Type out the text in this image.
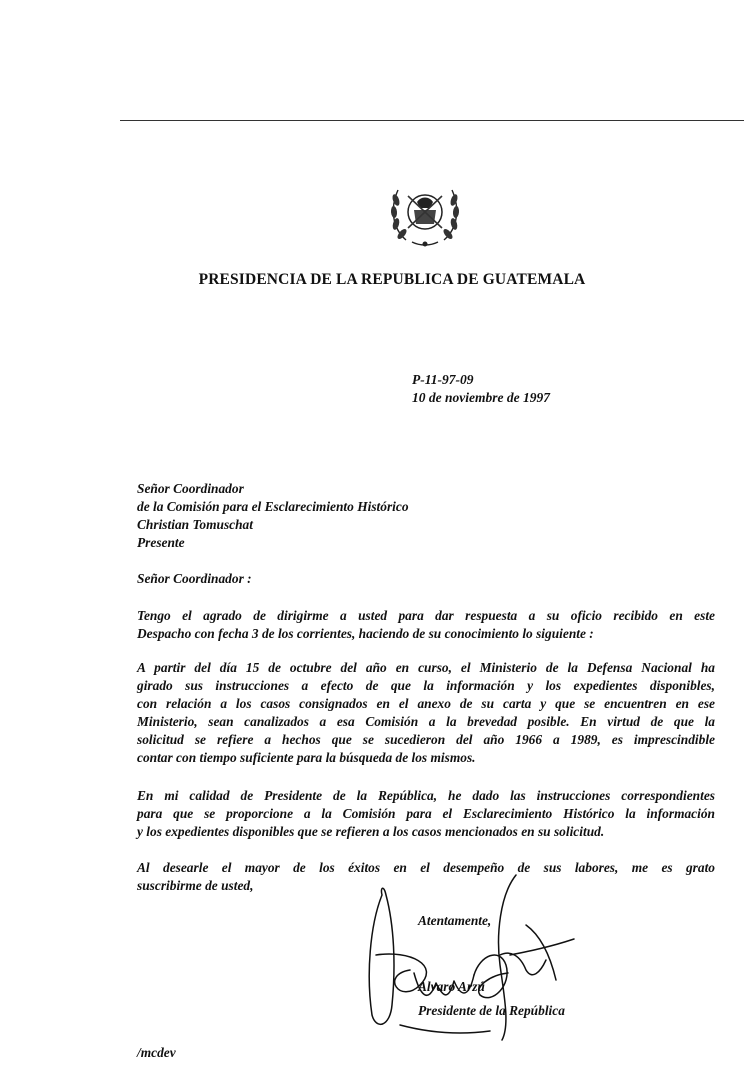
PRESIDENCIA DE LA REPUBLICA DE GUATEMALA
P-11-97-09
10 de noviembre de 1997
Señor Coordinador
de la Comisión para el Esclarecimiento Histórico
Christian Tomuschat
Presente
Señor Coordinador :
Tengo el agrado de dirigirme a usted para dar respuesta a su oficio recibido en este
Despacho con fecha 3 de los corrientes, haciendo de su conocimiento lo siguiente :
A partir del día 15 de octubre del año en curso, el Ministerio de la Defensa Nacional ha
girado sus instrucciones a efecto de que la información y los expedientes disponibles,
con relación a los casos consignados en el anexo de su carta y que se encuentren en ese
Ministerio, sean canalizados a esa Comisión a la brevedad posible. En virtud de que la
solicitud se refiere a hechos que se sucedieron del año 1966 a 1989, es imprescindible
contar con tiempo suficiente para la búsqueda de los mismos.
En mi calidad de Presidente de la República, he dado las instrucciones correspondientes
para que se proporcione a la Comisión para el Esclarecimiento Histórico la información
y los expedientes disponibles que se refieren a los casos mencionados en su solicitud.
Al desearle el mayor de los éxitos en el desempeño de sus labores, me es grato
suscribirme de usted,
Atentamente,
Alvaro Arzú
Presidente de la República
/mcdev
